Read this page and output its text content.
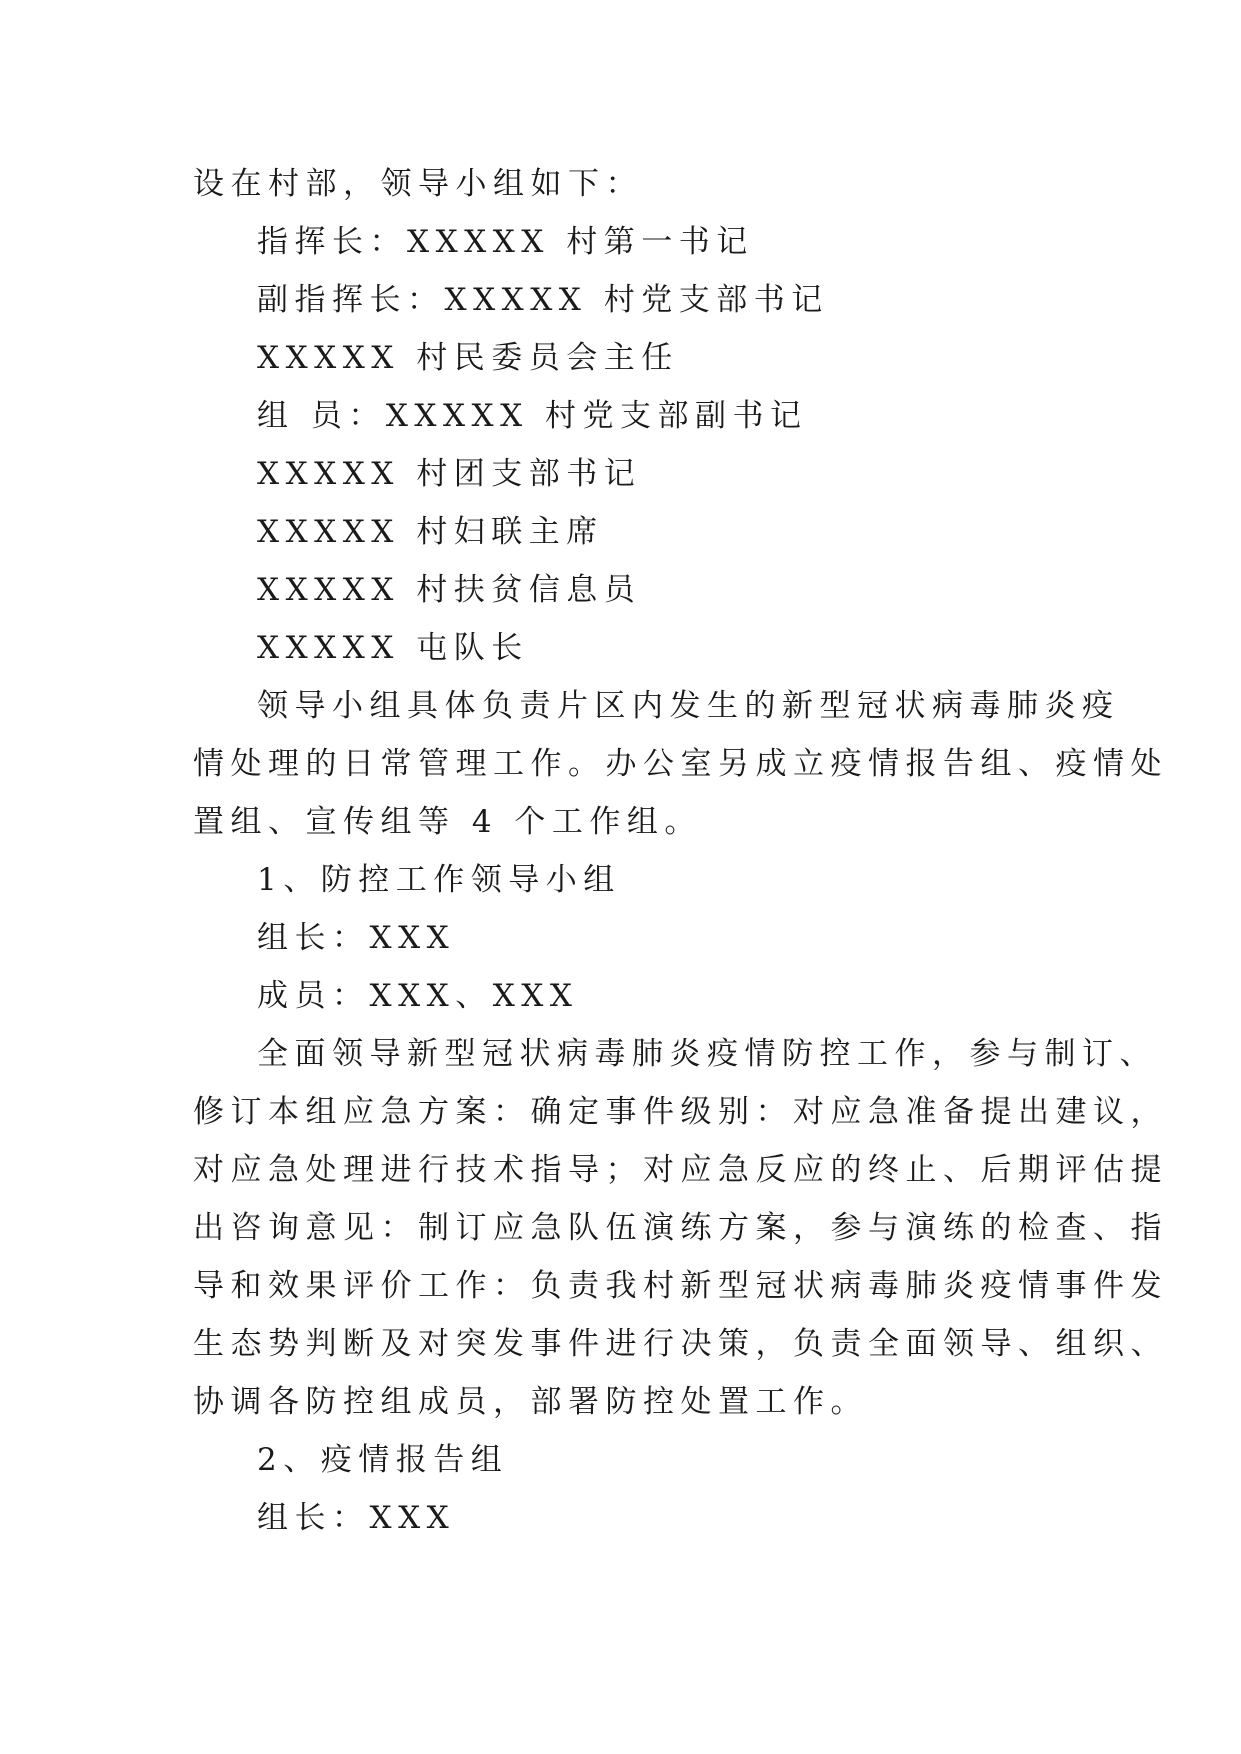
设在村部，领导小组如下：
指挥长：XXXXX 村第一书记
副指挥长：XXXXX 村党支部书记
XXXXX 村民委员会主任
组 员：XXXXX 村党支部副书记
XXXXX 村团支部书记
XXXXX 村妇联主席
XXXXX 村扶贫信息员
XXXXX 屯队长
领导小组具体负责片区内发生的新型冠状病毒肺炎疫
情处理的日常管理工作。办公室另成立疫情报告组、疫情处
置组、宣传组等 4 个工作组。
1、防控工作领导小组
组长：XXX
成员：XXX、XXX
全面领导新型冠状病毒肺炎疫情防控工作，参与制订、
修订本组应急方案：确定事件级别：对应急准备提出建议，
对应急处理进行技术指导；对应急反应的终止、后期评估提
出咨询意见：制订应急队伍演练方案，参与演练的检查、指
导和效果评价工作：负责我村新型冠状病毒肺炎疫情事件发
生态势判断及对突发事件进行决策，负责全面领导、组织、
协调各防控组成员，部署防控处置工作。
2、疫情报告组
组长：XXX
